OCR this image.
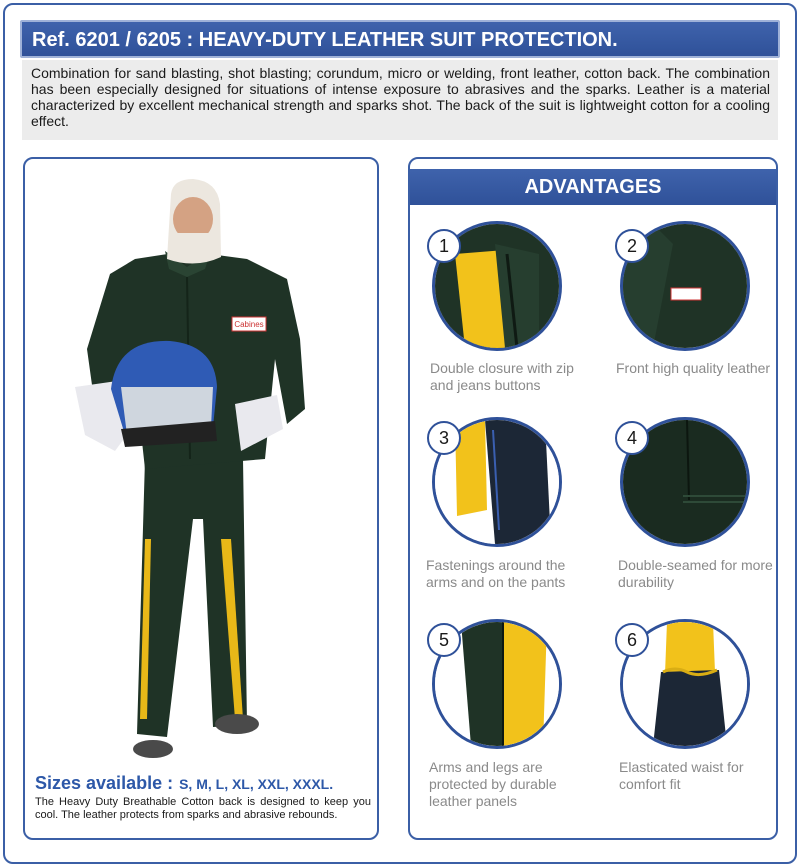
Ref. 6201 / 6205 : HEAVY-DUTY LEATHER SUIT PROTECTION.
Combination for sand blasting, shot blasting; corundum, micro or welding, front leather, cotton back. The combination has been especially designed for situations of intense exposure to abrasives and the sparks. Leather is a material characterized by excellent mechanical strength and sparks shot. The back of the suit is lightweight cotton for a cooling effect.
Cabines
Sizes available : S, M, L, XL, XXL, XXXL.
The Heavy Duty Breathable Cotton back is designed to keep you cool. The leather protects from sparks and abrasive rebounds.
ADVANTAGES
1
Double closure with zip and jeans buttons
2
Front high quality leather
3
Fastenings around the arms and on the pants
4
Double-seamed for more durability
5
Arms and legs are protected by durable leather panels
6
Elasticated waist for comfort fit
